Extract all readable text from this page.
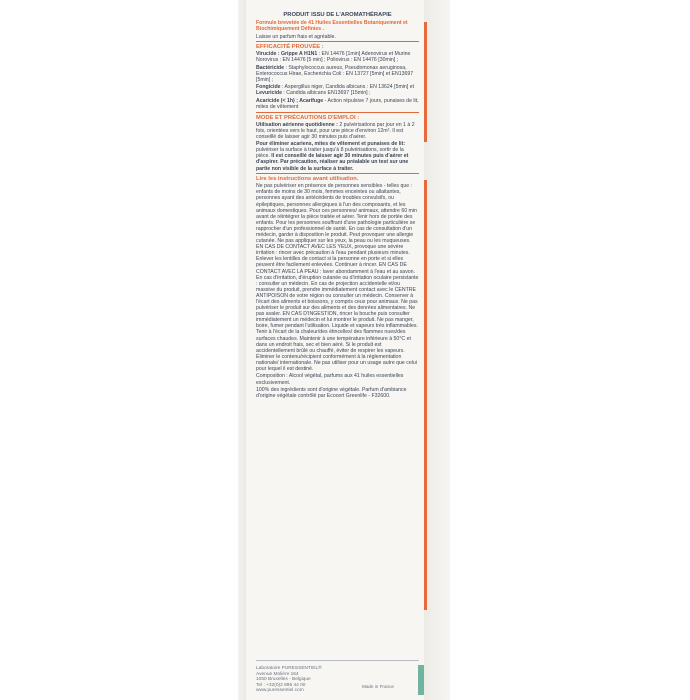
PRODUIT ISSU DE L'AROMATHÉRAPIE

Formule brevetée de 41 Huiles Essentielles Botaniquement et Biochimiquement Définies .

Laisse un parfum frais et agréable.

EFFICACITÉ PROUVÉE :

Virucide : Grippe A H1N1 : EN 14476 [1min] Adenovirus et Murine Norovirus : EN 14476 [5 min] ; Poliovirus : EN 14476 [30min] ;

Bactéricide : Staphylococcus aureus, Pseudomonas aeruginosa, Enterococcus Hirae, Escherichia Coli : EN 13727 [5min] et EN13697 [5min] ;

Fongicide : Aspergillus niger, Candida albicans : EN 13624 [5min] et Levuricide : Candida albicans EN13697 [15min] ;

Acaricide (< 1h) ; Acarifuge - Action répulsive 7 jours, punaises de lit, mites de vêtement

MODE ET PRÉCAUTIONS D'EMPLOI :

Utilisation aérienne quotidienne : 2 pulvérisations par jour en 1 à 2 fois, orientées vers le haut, pour une pièce d'environ 12m². Il est conseillé de laisser agir 30 minutes puis d'aérer.

Pour éliminer acariens, mites de vêtement et punaises de lit: pulvériser la surface à traiter jusqu'à 8 pulvérisations, sortir de la pièce. Il est conseillé de laisser agir 30 minutes puis d'aérer et d'aspirer. Par précaution, réaliser au préalable un test sur une partie non visible de la surface à traiter.

Lire les instructions avant utilisation.

Ne pas pulvériser en présence de personnes sensibles - telles que : enfants de moins de 30 mois, femmes enceintes ou allaitantes, personnes ayant des antécédents de troubles convulsifs, ou épileptiques, personnes allergiques à l'un des composants, et les animaux domestiques. Pour ces personnes/ animaux, attendre 60 min avant de réintégrer la pièce traitée et aérer. Tenir hors de portée des enfants. Pour les personnes souffrant d'une pathologie particulière se rapprocher d'un professionnel de santé. En cas de consultation d'un médecin, garder à disposition le produit. Peut provoquer une allergie cutanée. Ne pas appliquer sur les yeux, la peau ou les muqueuses. EN CAS DE CONTACT AVEC LES YEUX, provoque une sévère irritation : rincer avec précaution à l'eau pendant plusieurs minutes. Enlever les lentilles de contact si la personne en porte et si elles peuvent être facilement enlevées. Continuer à rincer. EN CAS DE CONTACT AVEC LA PEAU : laver abondamment à l'eau et au savon. En cas d'irritation, d'éruption cutanée ou d'irritation oculaire persistante : consulter un médecin. En cas de projection accidentelle et/ou massive du produit, prendre immédiatement contact avec le CENTRE ANTIPOISON de votre région ou consulter un médecin. Conserver à l'écart des aliments et boissons, y compris ceux pour animaux. Ne pas pulvériser le produit sur des aliments et des denrées alimentaires. Ne pas avaler. EN CAS D'INGESTION, rincer la bouche puis consulter immédiatement un médecin et lui montrer le produit. Ne pas manger, boire, fumer pendant l'utilisation. Liquide et vapeurs très inflammables. Tenir à l'écart de la chaleur/des étincelles/ des flammes nues/des surfaces chaudes. Maintenir à une température inférieure à 50°C et dans un endroit frais, sec et bien aéré. Si le produit est accidentellement brûlé ou chauffé, éviter de respirer les vapeurs. Éliminer le contenu/récipient conformément à la réglementation nationale/ internationale. Ne pas utiliser pour un usage autre que celui pour lequel il est destiné.

Composition : Alcool végétal, parfums aux 41 huiles essentielles exclusivement.

100% des ingrédients sont d'origine végétale. Parfum d'ambiance d'origine végétale contrôlé par Ecocert Greenlife - F32600.

Laboratoire PURESSENTIEL®
Avenue Molière 164
1050 Bruxelles - Belgique
Tel : +32(0)2 896 44 00
www.puressentiel.com
Made in France
